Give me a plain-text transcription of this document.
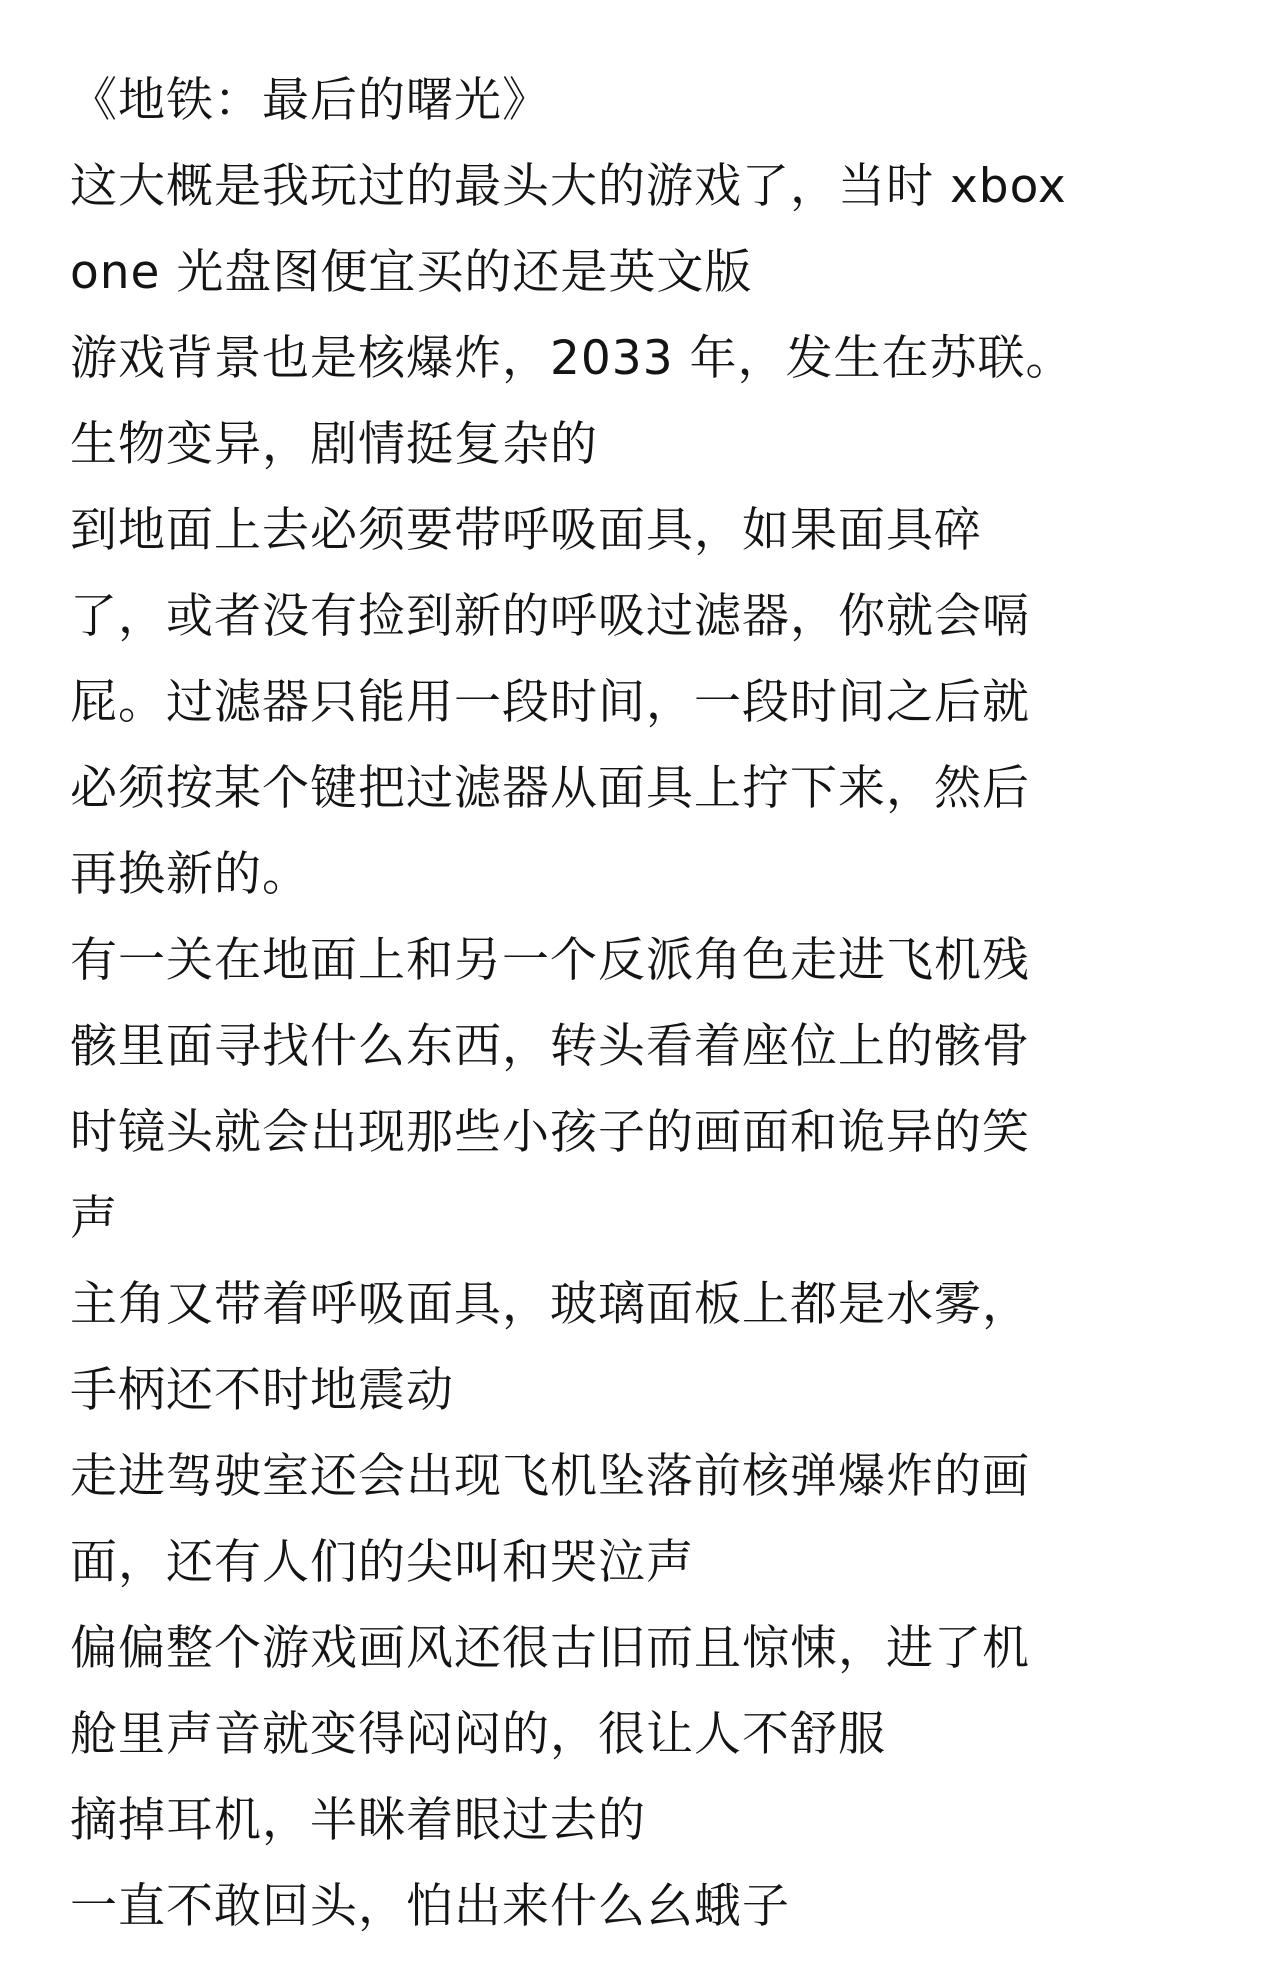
《地铁：最后的曙光》
这大概是我玩过的最头大的游戏了，当时 xbox
one 光盘图便宜买的还是英文版
游戏背景也是核爆炸，2033 年，发生在苏联。
生物变异，剧情挺复杂的
到地面上去必须要带呼吸面具，如果面具碎
了，或者没有捡到新的呼吸过滤器，你就会嗝
屁。过滤器只能用一段时间，一段时间之后就
必须按某个键把过滤器从面具上拧下来，然后
再换新的。
有一关在地面上和另一个反派角色走进飞机残
骸里面寻找什么东西，转头看着座位上的骸骨
时镜头就会出现那些小孩子的画面和诡异的笑
声
主角又带着呼吸面具，玻璃面板上都是水雾，
手柄还不时地震动
走进驾驶室还会出现飞机坠落前核弹爆炸的画
面，还有人们的尖叫和哭泣声
偏偏整个游戏画风还很古旧而且惊悚，进了机
舱里声音就变得闷闷的，很让人不舒服
摘掉耳机，半眯着眼过去的
一直不敢回头，怕出来什么幺蛾子
